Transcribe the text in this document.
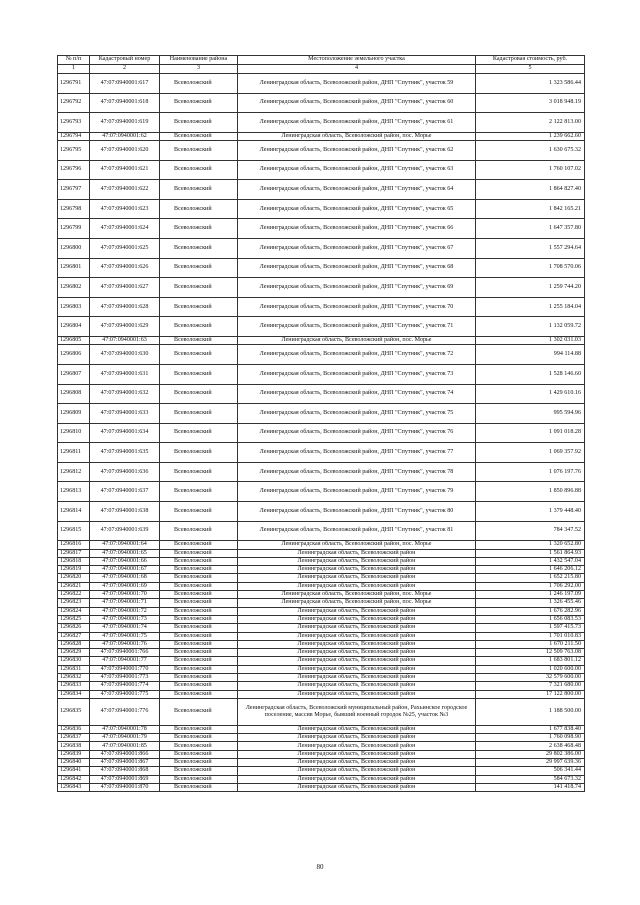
№ п/п	Кадастровый номер	Наименование района	Местоположение земельного участка	Кадастровая стоимость, руб.
1	2	3	4	5
1296791	47:07:0940001:617	Всеволожский	Ленинградская область, Всеволожский район, ДНП "Спутник", участок 59	1 323 586.44
1296792	47:07:0940001:618	Всеволожский	Ленинградская область, Всеволожский район, ДНП "Спутник", участок 60	3 018 948.19
1296793	47:07:0940001:619	Всеволожский	Ленинградская область, Всеволожский район, ДНП "Спутник", участок 61	2 122 813.00
1296794	47:07:0940001:62	Всеволожский	Ленинградская область, Всеволожский район, пос. Морье	1 239 662.60
1296795	47:07:0940001:620	Всеволожский	Ленинградская область, Всеволожский район, ДНП "Спутник", участок 62	1 630 675.32
1296796	47:07:0940001:621	Всеволожский	Ленинградская область, Всеволожский район, ДНП "Спутник", участок 63	1 760 107.02
1296797	47:07:0940001:622	Всеволожский	Ленинградская область, Всеволожский район, ДНП "Спутник", участок 64	1 864 827.40
1296798	47:07:0940001:623	Всеволожский	Ленинградская область, Всеволожский район, ДНП "Спутник", участок 65	1 842 165.21
1296799	47:07:0940001:624	Всеволожский	Ленинградская область, Всеволожский район, ДНП "Спутник", участок 66	1 647 357.80
1296800	47:07:0940001:625	Всеволожский	Ленинградская область, Всеволожский район, ДНП "Спутник", участок 67	1 557 294.64
1296801	47:07:0940001:626	Всеволожский	Ленинградская область, Всеволожский район, ДНП "Спутник", участок 68	1 708 570.06
1296802	47:07:0940001:627	Всеволожский	Ленинградская область, Всеволожский район, ДНП "Спутник", участок 69	1 259 744.20
1296803	47:07:0940001:628	Всеволожский	Ленинградская область, Всеволожский район, ДНП "Спутник", участок 70	1 255 184.04
1296804	47:07:0940001:629	Всеволожский	Ленинградская область, Всеволожский район, ДНП "Спутник", участок 71	1 132 059.72
1296805	47:07:0940001:63	Всеволожский	Ленинградская область, Всеволожский район, пос. Морье	1 302 031.03
1296806	47:07:0940001:630	Всеволожский	Ленинградская область, Всеволожский район, ДНП "Спутник", участок 72	994 114.88
1296807	47:07:0940001:631	Всеволожский	Ленинградская область, Всеволожский район, ДНП "Спутник", участок 73	1 528 146.60
1296808	47:07:0940001:632	Всеволожский	Ленинградская область, Всеволожский район, ДНП "Спутник", участок 74	1 429 610.16
1296809	47:07:0940001:633	Всеволожский	Ленинградская область, Всеволожский район, ДНП "Спутник", участок 75	995 594.96
1296810	47:07:0940001:634	Всеволожский	Ленинградская область, Всеволожский район, ДНП "Спутник", участок 76	1 091 018.28
1296811	47:07:0940001:635	Всеволожский	Ленинградская область, Всеволожский район, ДНП "Спутник", участок 77	1 069 357.92
1296812	47:07:0940001:636	Всеволожский	Ленинградская область, Всеволожский район, ДНП "Спутник", участок 78	1 076 197.76
1296813	47:07:0940001:637	Всеволожский	Ленинградская область, Всеволожский район, ДНП "Спутник", участок 79	1 850 896.88
1296814	47:07:0940001:638	Всеволожский	Ленинградская область, Всеволожский район, ДНП "Спутник", участок 80	1 379 448.40
1296815	47:07:0940001:639	Всеволожский	Ленинградская область, Всеволожский район, ДНП "Спутник", участок 81	784 347.52
1296816	47:07:0940001:64	Всеволожский	Ленинградская область, Всеволожский район, пос. Морье	1 320 652.80
1296817	47:07:0940001:65	Всеволожский	Ленинградская область, Всеволожский район	1 561 864.93
1296818	47:07:0940001:66	Всеволожский	Ленинградская область, Всеволожский район	1 432 547.04
1296819	47:07:0940001:67	Всеволожский	Ленинградская область, Всеволожский район	1 646 206.12
1296820	47:07:0940001:68	Всеволожский	Ленинградская область, Всеволожский район	1 652 215.80
1296821	47:07:0940001:69	Всеволожский	Ленинградская область, Всеволожский район	1 706 292.00
1296822	47:07:0940001:70	Всеволожский	Ленинградская область, Всеволожский район, пос. Морье	1 246 197.09
1296823	47:07:0940001:71	Всеволожский	Ленинградская область, Всеволожский район, пос. Морье	1 326 455.46
1296824	47:07:0940001:72	Всеволожский	Ленинградская область, Всеволожский район	1 676 282.96
1296825	47:07:0940001:73	Всеволожский	Ленинградская область, Всеволожский район	1 656 083.53
1296826	47:07:0940001:74	Всеволожский	Ленинградская область, Всеволожский район	1 597 415.73
1296827	47:07:0940001:75	Всеволожский	Ленинградская область, Всеволожский район	1 701 010.83
1296828	47:07:0940001:76	Всеволожский	Ленинградская область, Всеволожский район	1 670 211.50
1296829	47:07:0940001:766	Всеволожский	Ленинградская область, Всеволожский район	12 509 763.08
1296830	47:07:0940001:77	Всеволожский	Ленинградская область, Всеволожский район	1 683 801.12
1296831	47:07:0940001:770	Всеволожский	Ленинградская область, Всеволожский район	1 020 600.00
1296832	47:07:0940001:773	Всеволожский	Ленинградская область, Всеволожский район	32 579 600.00
1296833	47:07:0940001:774	Всеволожский	Ленинградская область, Всеволожский район	7 321 680.00
1296834	47:07:0940001:775	Всеволожский	Ленинградская область, Всеволожский район	17 122 800.00
1296835	47:07:0940001:776	Всеволожский	Ленинградская область, Всеволожский муниципальный район, Рахьинское городское поселение, массив Морье, бывший военный городок №25, участок №3	1 188 500.00
1296836	47:07:0940001:78	Всеволожский	Ленинградская область, Всеволожский район	1 677 838.40
1296837	47:07:0940001:79	Всеволожский	Ленинградская область, Всеволожский район	1 760 098.90
1296838	47:07:0940001:85	Всеволожский	Ленинградская область, Всеволожский район	2 638 468.48
1296839	47:07:0940001:866	Всеволожский	Ленинградская область, Всеволожский район	29 802 386.00
1296840	47:07:0940001:867	Всеволожский	Ленинградская область, Всеволожский район	29 997 639.36
1296841	47:07:0940001:868	Всеволожский	Ленинградская область, Всеволожский район	506 341.44
1296842	47:07:0940001:869	Всеволожский	Ленинградская область, Всеволожский район	584 673.32
1296843	47:07:0940001:870	Всеволожский	Ленинградская область, Всеволожский район	141 418.74
80
